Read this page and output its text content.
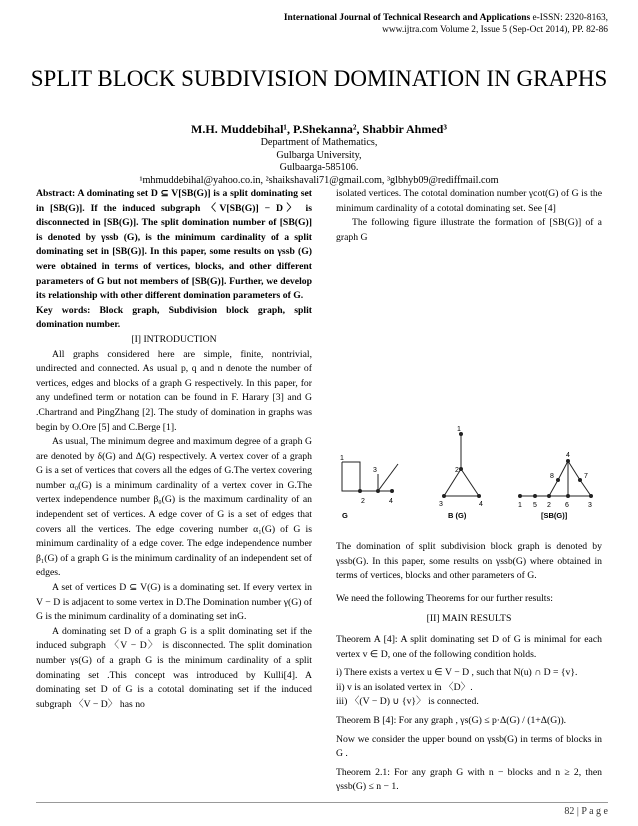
International Journal of Technical Research and Applications e-ISSN: 2320-8163,
www.ijtra.com Volume 2, Issue 5 (Sep-Oct 2014), PP. 82-86
SPLIT BLOCK SUBDIVISION DOMINATION IN GRAPHS
M.H. Muddebihal¹, P.Shekanna², Shabbir Ahmed³
Department of Mathematics,
Gulbarga University,
Gulbaarga-585106.
¹mhmuddebihal@yahoo.co.in, ²shaikshavali71@gmail.com, ³glbhyb09@rediffmail.com

Abstract: A dominating set D ⊆ V[SB(G)] is a split dominating set in [SB(G)]. If the induced subgraph 〈V[SB(G)] − D〉 is disconnected in [SB(G)]. The split domination number of [SB(G)] is denoted by γssb (G), is the minimum cardinality of a split dominating set in [SB(G)]. In this paper, some results on γssb (G) were obtained in terms of vertices, blocks, and other different parameters of G but not members of [SB(G)]. Further, we develop its relationship with other different domination parameters of G.

Key words: Block graph, Subdivision block graph, split domination number.

[I] INTRODUCTION

All graphs considered here are simple, finite, nontrivial, undirected and connected. As usual p, q and n denote the number of vertices, edges and blocks of a graph G respectively. In this paper, for any undefined term or notation can be found in F. Harary [3] and G .Chartrand and PingZhang [2]. The study of domination in graphs was begin by O.Ore [5] and C.Berge [1].

As usual, The minimum degree and maximum degree of a graph G are denoted by δ(G) and Δ(G) respectively. A vertex cover of a graph G is a set of vertices that covers all the edges of G.The vertex covering number α₀(G) is a minimum cardinality of a vertex cover in G.The vertex independence number β₀(G) is the maximum cardinality of an independent set of vertices. A edge cover of G is a set of edges that covers all the vertices. The edge covering number α₁(G) of G is minimum cardinality of a edge cover. The edge independence number β₁(G) of a graph G is the minimum cardinality of an independent set of edges.

A set of vertices D ⊆ V(G) is a dominating set. If every vertex in V − D is adjacent to some vertex in D.The Domination number γ(G) of G is the minimum cardinality of a dominating set inG.

A dominating set D of a graph G is a split dominating set if the induced subgraph 〈V − D〉 is disconnected. The split domination number γs(G) of a graph G is the minimum cardinality of a split dominating set .This concept was introduced by Kulli[4]. A dominating set D of G is a cototal dominating set if the induced subgraph 〈V − D〉 has no

isolated vertices. The cototal domination number γcot(G) of G is the minimum cardinality of a cototal dominating set. See [4]

The following figure illustrate the formation of [SB(G)] of a graph G

1
3
2	4
1
2
3	4	1 5 2 6	3
8
4
7
G	B (G)	[SB(G)]

The domination of split subdivision block graph is denoted by γssb(G). In this paper, some results on γssb(G) where obtained in terms of vertices, blocks and other parameters of G.

We need the following Theorems for our further results:

[II] MAIN RESULTS

Theorem A [4]: A split dominating set D of G is minimal for each vertex v ∈ D, one of the following condition holds.

i) There exists a vertex u ∈ V − D , such that N(u) ∩ D = {v}.

ii) v is an isolated vertex in 〈D〉.

iii) 〈(V − D) ∪ {v}〉 is connected.

Theorem B [4]: For any graph , γs(G) ≤ p·Δ(G) / (1+Δ(G)).

Now we consider the upper bound on γssb(G) in terms of blocks in G .

Theorem 2.1: For any graph G with n − blocks and n ≥ 2, then γssb(G) ≤ n − 1.

82 | P a g e
